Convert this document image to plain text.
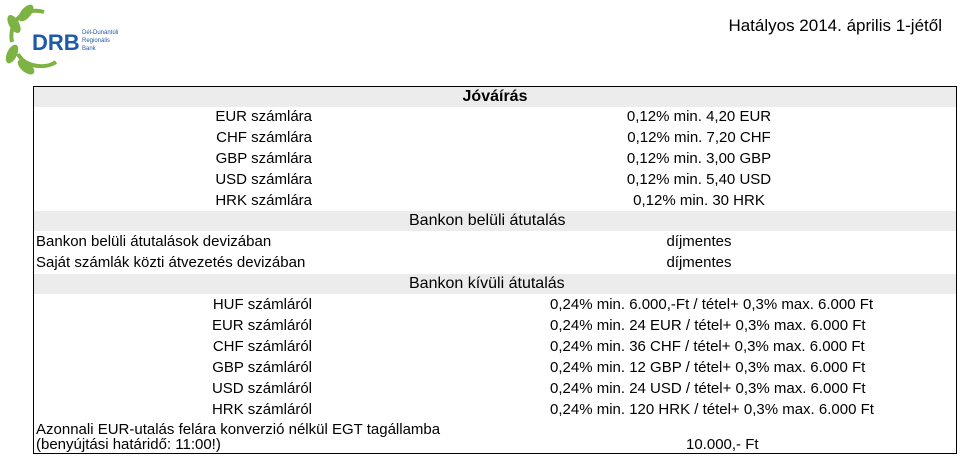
DRB Dél-Dunántúli
Regionális
Bank
Hatályos 2014. április 1-jétől
Jóváírás
EUR számlára	0,12% min. 4,20 EUR
CHF számlára	0,12% min. 7,20 CHF
GBP számlára	0,12% min. 3,00 GBP
USD számlára	0,12% min. 5,40 USD
HRK számlára	0,12% min. 30 HRK
Bankon belüli átutalás
Bankon belüli átutalások devizában	díjmentes
Saját számlák közti átvezetés devizában	díjmentes
Bankon kívüli átutalás
HUF számláról	0,24% min. 6.000,-Ft / tétel+ 0,3% max. 6.000 Ft
EUR számláról	0,24% min. 24 EUR / tétel+ 0,3% max. 6.000 Ft
CHF számláról	0,24% min. 36 CHF / tétel+ 0,3% max. 6.000 Ft
GBP számláról	0,24% min. 12 GBP / tétel+ 0,3% max. 6.000 Ft
USD számláról	0,24% min. 24 USD / tétel+ 0,3% max. 6.000 Ft
HRK számláról	0,24% min. 120 HRK / tétel+ 0,3% max. 6.000 Ft
Azonnali EUR-utalás felára konverzió nélkül EGT tagállamba
(benyújtási határidő: 11:00!)	10.000,- Ft
